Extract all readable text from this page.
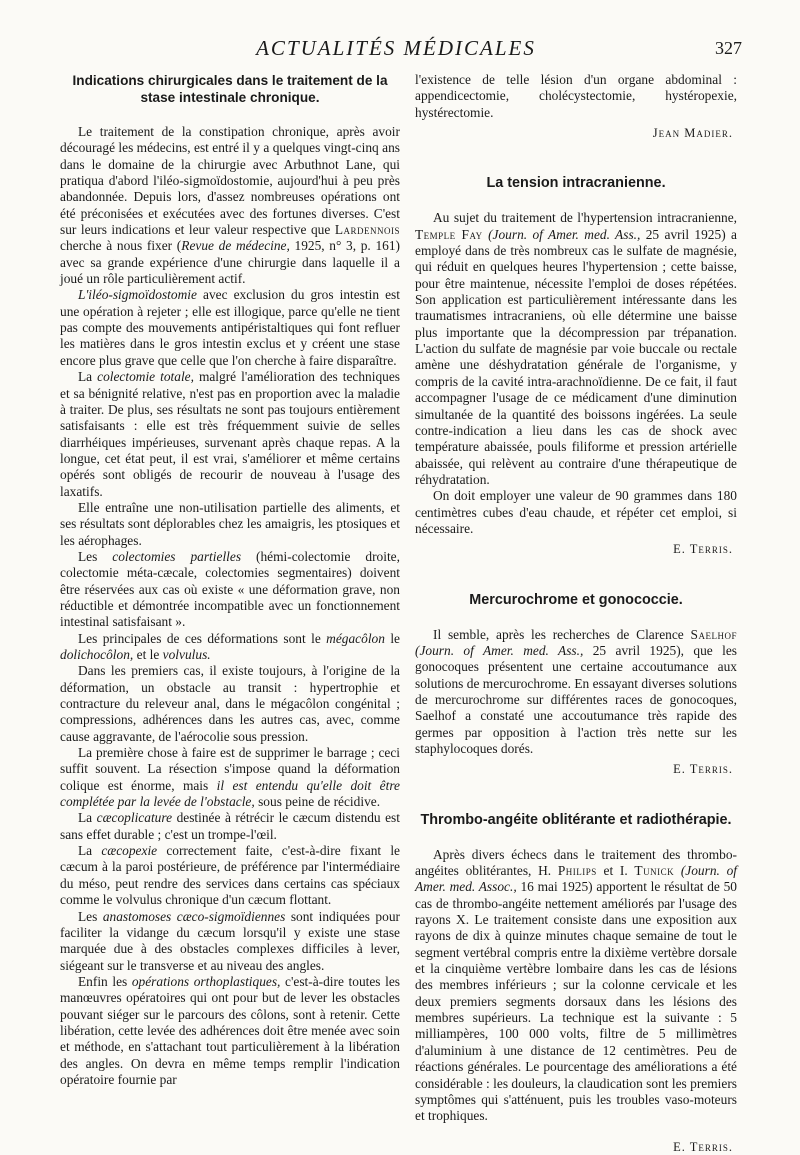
ACTUALITÉS MÉDICALES	327
Indications chirurgicales dans le traitement de la stase intestinale chronique.

Le traitement de la constipation chronique, après avoir découragé les médecins, est entré il y a quelques vingt-cinq ans dans le domaine de la chirurgie avec Arbuthnot Lane, qui pratiqua d'abord l'iléo-sigmoïdostomie, aujourd'hui à peu près abandonnée. Depuis lors, d'assez nombreuses opérations ont été préconisées et exécutées avec des fortunes diverses. C'est sur leurs indications et leur valeur respective que Lardennois cherche à nous fixer (Revue de médecine, 1925, n° 3, p. 161) avec sa grande expérience d'une chirurgie dans laquelle il a joué un rôle particulièrement actif.

L'iléo-sigmoïdostomie avec exclusion du gros intestin est une opération à rejeter ; elle est illogique, parce qu'elle ne tient pas compte des mouvements antipéristaltiques qui font refluer les matières dans le gros intestin exclus et y créent une stase encore plus grave que celle que l'on cherche à faire disparaître.

La colectomie totale, malgré l'amélioration des techniques et sa bénignité relative, n'est pas en proportion avec la maladie à traiter. De plus, ses résultats ne sont pas toujours entièrement satisfaisants : elle est très fréquemment suivie de selles diarrhéiques impérieuses, survenant après chaque repas. A la longue, cet état peut, il est vrai, s'améliorer et même certains opérés sont obligés de recourir de nouveau à l'usage des laxatifs.

Elle entraîne une non-utilisation partielle des aliments, et ses résultats sont déplorables chez les amaigris, les ptosiques et les aérophages.

Les colectomies partielles (hémi-colectomie droite, colectomie méta-cæcale, colectomies segmentaires) doivent être réservées aux cas où existe « une déformation grave, non réductible et démontrée incompatible avec un fonctionnement intestinal satisfaisant ».

Les principales de ces déformations sont le mégacôlon le dolichocôlon, et le volvulus.

Dans les premiers cas, il existe toujours, à l'origine de la déformation, un obstacle au transit : hypertrophie et contracture du releveur anal, dans le mégacôlon congénital ; compressions, adhérences dans les autres cas, avec, comme cause aggravante, de l'aérocolie sous pression.

La première chose à faire est de supprimer le barrage ; ceci suffit souvent. La résection s'impose quand la déformation colique est énorme, mais il est entendu qu'elle doit être complétée par la levée de l'obstacle, sous peine de récidive.

La cæcoplicature destinée à rétrécir le cæcum distendu est sans effet durable ; c'est un trompe-l'œil.

La cæcopexie correctement faite, c'est-à-dire fixant le cæcum à la paroi postérieure, de préférence par l'intermédiaire du méso, peut rendre des services dans certains cas spéciaux comme le volvulus chronique d'un cæcum flottant.

Les anastomoses cæco-sigmoïdiennes sont indiquées pour faciliter la vidange du cæcum lorsqu'il y existe une stase marquée due à des obstacles complexes difficiles à lever, siégeant sur le transverse et au niveau des angles.

Enfin les opérations orthoplastiques, c'est-à-dire toutes les manœuvres opératoires qui ont pour but de lever les obstacles pouvant siéger sur le parcours des côlons, sont à retenir. Cette libération, cette levée des adhérences doit être menée avec soin et méthode, en s'attachant tout particulièrement à la libération des angles. On devra en même temps remplir l'indication opératoire fournie par

l'existence de telle lésion d'un organe abdominal : appendicectomie, cholécystectomie, hystéropexie, hystérectomie.

Jean Madier.
La tension intracranienne.

Au sujet du traitement de l'hypertension intracranienne, Temple Fay (Journ. of Amer. med. Ass., 25 avril 1925) a employé dans de très nombreux cas le sulfate de magnésie, qui réduit en quelques heures l'hypertension ; cette baisse, pour être maintenue, nécessite l'emploi de doses répétées. Son application est particulièrement intéressante dans les traumatismes intracraniens, où elle détermine une baisse plus importante que la décompression par trépanation. L'action du sulfate de magnésie par voie buccale ou rectale amène une déshydratation générale de l'organisme, y compris de la cavité intra-arachnoïdienne. De ce fait, il faut accompagner l'usage de ce médicament d'une diminution simultanée de la quantité des boissons ingérées. La seule contre-indication a lieu dans les cas de shock avec température abaissée, pouls filiforme et pression artérielle abaissée, qui relèvent au contraire d'une thérapeutique de réhydratation.

On doit employer une valeur de 90 grammes dans 180 centimètres cubes d'eau chaude, et répéter cet emploi, si nécessaire.

E. Terris.
Mercurochrome et gonococcie.

Il semble, après les recherches de Clarence Saelhof (Journ. of Amer. med. Ass., 25 avril 1925), que les gonocoques présentent une certaine accoutumance aux solutions de mercurochrome. En essayant diverses solutions de mercurochrome sur différentes races de gonocoques, Saelhof a constaté une accoutumance très rapide des germes par opposition à l'action très nette sur les staphylocoques dorés.

E. Terris.
Thrombo-angéite oblitérante et radiothérapie.

Après divers échecs dans le traitement des thrombo-angéites oblitérantes, H. Philips et I. Tunick (Journ. of Amer. med. Assoc., 16 mai 1925) apportent le résultat de 50 cas de thrombo-angéite nettement améliorés par l'usage des rayons X. Le traitement consiste dans une exposition aux rayons de dix à quinze minutes chaque semaine de tout le segment vertébral compris entre la dixième vertèbre dorsale et la cinquième vertèbre lombaire dans les cas de lésions des membres inférieurs ; sur la colonne cervicale et les deux premiers segments dorsaux dans les lésions des membres supérieurs. La technique est la suivante : 5 milliampères, 100 000 volts, filtre de 5 millimètres d'aluminium à une distance de 12 centimètres. Peu de réactions générales. Le pourcentage des améliorations a été considérable : les douleurs, la claudication sont les premiers symptômes qui s'atténuent, puis les troubles vaso-moteurs et trophiques.

E. Terris.
